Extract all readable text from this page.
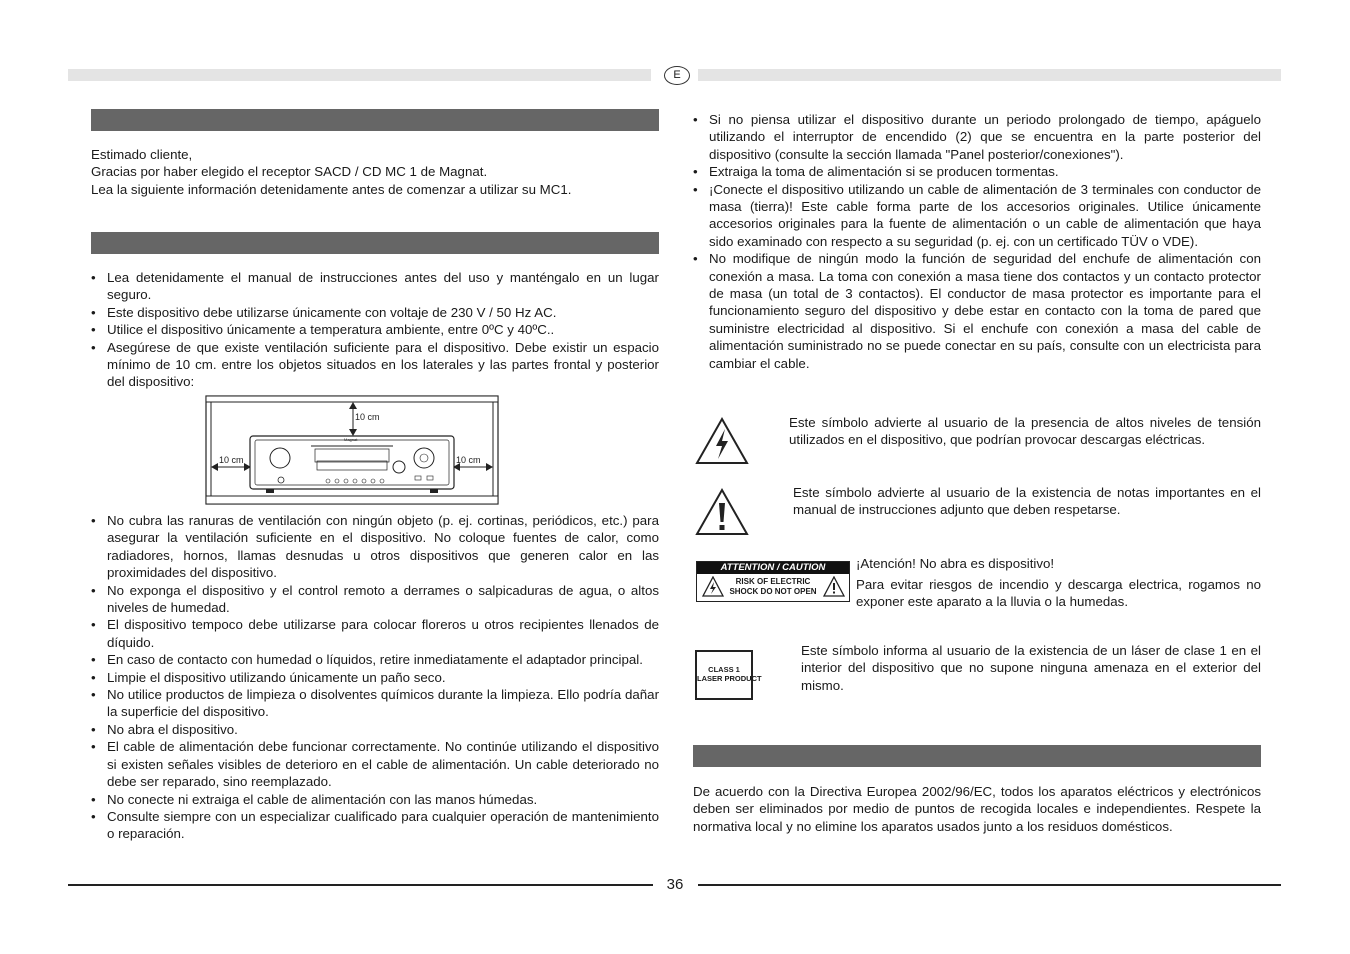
E
Estimado cliente,
Gracias por haber elegido el receptor SACD / CD MC 1 de Magnat.
Lea la siguiente información detenidamente antes de comenzar a utilizar su MC1.
• Lea detenidamente el manual de instrucciones antes del uso y manténgalo en un lugar seguro.
• Este dispositivo debe utilizarse únicamente con voltaje de 230 V / 50 Hz AC.
• Utilice el dispositivo únicamente a temperatura ambiente, entre 0ºC y 40ºC..
• Asegúrese de que existe ventilación suficiente para el dispositivo. Debe existir un espacio mínimo de 10 cm. entre los objetos situados en los laterales y las partes frontal y posterior del dispositivo:
10 cm
10 cm	10 cm
Magnat
• No cubra las ranuras de ventilación con ningún objeto (p. ej. cortinas, periódicos, etc.) para asegurar la ventilación suficiente en el dispositivo. No coloque fuentes de calor, como radiadores, hornos, llamas desnudas u otros dispositivos que generen calor en las proximidades del dispositivo.
• No exponga el dispositivo y el control remoto a derrames o salpicaduras de agua, o altos niveles de humedad.
• El dispositivo tempoco debe utilizarse para colocar floreros u otros recipientes llenados de díquido.
• En caso de contacto con humedad o líquidos, retire inmediatamente el adaptador principal.
• Limpie el dispositivo utilizando únicamente un paño seco.
• No utilice productos de limpieza o disolventes químicos durante la limpieza. Ello podría dañar la superficie del dispositivo.
• No abra el dispositivo.
• El cable de alimentación debe funcionar correctamente. No continúe utilizando el dispositivo si existen señales visibles de deterioro en el cable de alimentación. Un cable deteriorado no debe ser reparado, sino reemplazado.
• No conecte ni extraiga el cable de alimentación con las manos húmedas.
• Consulte siempre con un especializar cualificado para cualquier operación de mantenimiento o reparación.
• Si no piensa utilizar el dispositivo durante un periodo prolongado de tiempo, apáguelo utilizando el interruptor de encendido (2) que se encuentra en la parte posterior del dispositivo (consulte la sección llamada "Panel posterior/conexiones").
• Extraiga la toma de alimentación si se producen tormentas.
• ¡Conecte el dispositivo utilizando un cable de alimentación de 3 terminales con conductor de masa (tierra)! Este cable forma parte de los accesorios originales. Utilice únicamente accesorios originales para la fuente de alimentación o un cable de alimentación que haya sido examinado con respecto a su seguridad (p. ej. con un certificado TÜV o VDE).
• No modifique de ningún modo la función de seguridad del enchufe de alimentación con conexión a masa. La toma con conexión a masa tiene dos contactos y un contacto protector de masa (un total de 3 contactos). El conductor de masa protector es importante para el funcionamiento seguro del dispositivo y debe estar en contacto con la toma de pared que suministre electricidad al dispositivo. Si el enchufe con conexión a masa del cable de alimentación suministrado no se puede conectar en su país, consulte con un electricista para cambiar el cable.
Este símbolo advierte al usuario de la presencia de altos niveles de tensión utilizados en el dispositivo, que podrían provocar descargas eléctricas.
Este símbolo advierte al usuario de la existencia de notas importantes en el manual de instrucciones adjunto que deben respetarse.
ATTENTION / CAUTION
RISK OF ELECTRIC
SHOCK DO NOT OPEN
¡Atención! No abra es dispositivo!
Para evitar riesgos de incendio y descarga electrica, rogamos no exponer este aparato a la lluvia o la humedas.
CLASS 1
LASER PRODUCT
Este símbolo informa al usuario de la existencia de un láser de clase 1 en el interior del dispositivo que no supone ninguna amenaza en el exterior del mismo.
De acuerdo con la Directiva Europea 2002/96/EC, todos los aparatos eléctricos y electrónicos deben ser eliminados por medio de puntos de recogida locales e independientes. Respete la normativa local y no elimine los aparatos usados junto a los residuos domésticos.
36
